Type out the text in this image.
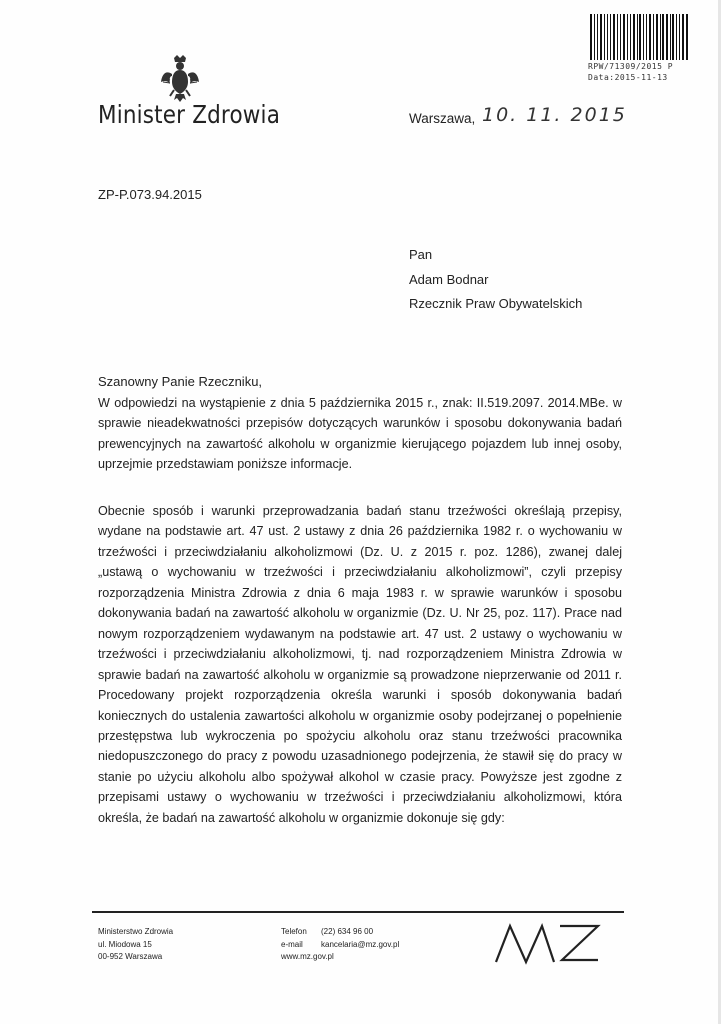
RPW/71309/2015 P
Data:2015-11-13
Minister Zdrowia	Warszawa, 10. 11. 2015
ZP-P.073.94.2015
Pan
Adam Bodnar
Rzecznik Praw Obywatelskich
Szanowny Panie Rzeczniku,

W odpowiedzi na wystąpienie z dnia 5 października 2015 r., znak: II.519.2097. 2014.MBe. w sprawie nieadekwatności przepisów dotyczących warunków i sposobu dokonywania badań prewencyjnych na zawartość alkoholu w organizmie kierującego pojazdem lub innej osoby, uprzejmie przedstawiam poniższe informacje.

Obecnie sposób i warunki przeprowadzania badań stanu trzeźwości określają przepisy, wydane na podstawie art. 47 ust. 2 ustawy z dnia 26 października 1982 r. o wychowaniu w trzeźwości i przeciwdziałaniu alkoholizmowi (Dz. U. z 2015 r. poz. 1286), zwanej dalej „ustawą o wychowaniu w trzeźwości i przeciwdziałaniu alkoholizmowi”, czyli przepisy rozporządzenia Ministra Zdrowia z dnia 6 maja 1983 r. w sprawie warunków i sposobu dokonywania badań na zawartość alkoholu w organizmie (Dz. U. Nr 25, poz. 117). Prace nad nowym rozporządzeniem wydawanym na podstawie art. 47 ust. 2 ustawy o wychowaniu w trzeźwości i przeciwdziałaniu alkoholizmowi, tj. nad rozporządzeniem Ministra Zdrowia w sprawie badań na zawartość alkoholu w organizmie są prowadzone nieprzerwanie od 2011 r. Procedowany projekt rozporządzenia określa warunki i sposób dokonywania badań koniecznych do ustalenia zawartości alkoholu w organizmie osoby podejrzanej o popełnienie przestępstwa lub wykroczenia po spożyciu alkoholu oraz stanu trzeźwości pracownika niedopuszczonego do pracy z powodu uzasadnionego podejrzenia, że stawił się do pracy w stanie po użyciu alkoholu albo spożywał alkohol w czasie pracy. Powyższe jest zgodne z przepisami ustawy o wychowaniu w trzeźwości i przeciwdziałaniu alkoholizmowi, która określa, że badań na zawartość alkoholu w organizmie dokonuje się gdy:

Ministerstwo Zdrowia
ul. Miodowa 15
00-952 Warszawa
Telefon	(22) 634 96 00
e-mail	kancelaria@mz.gov.pl
www.mz.gov.pl
